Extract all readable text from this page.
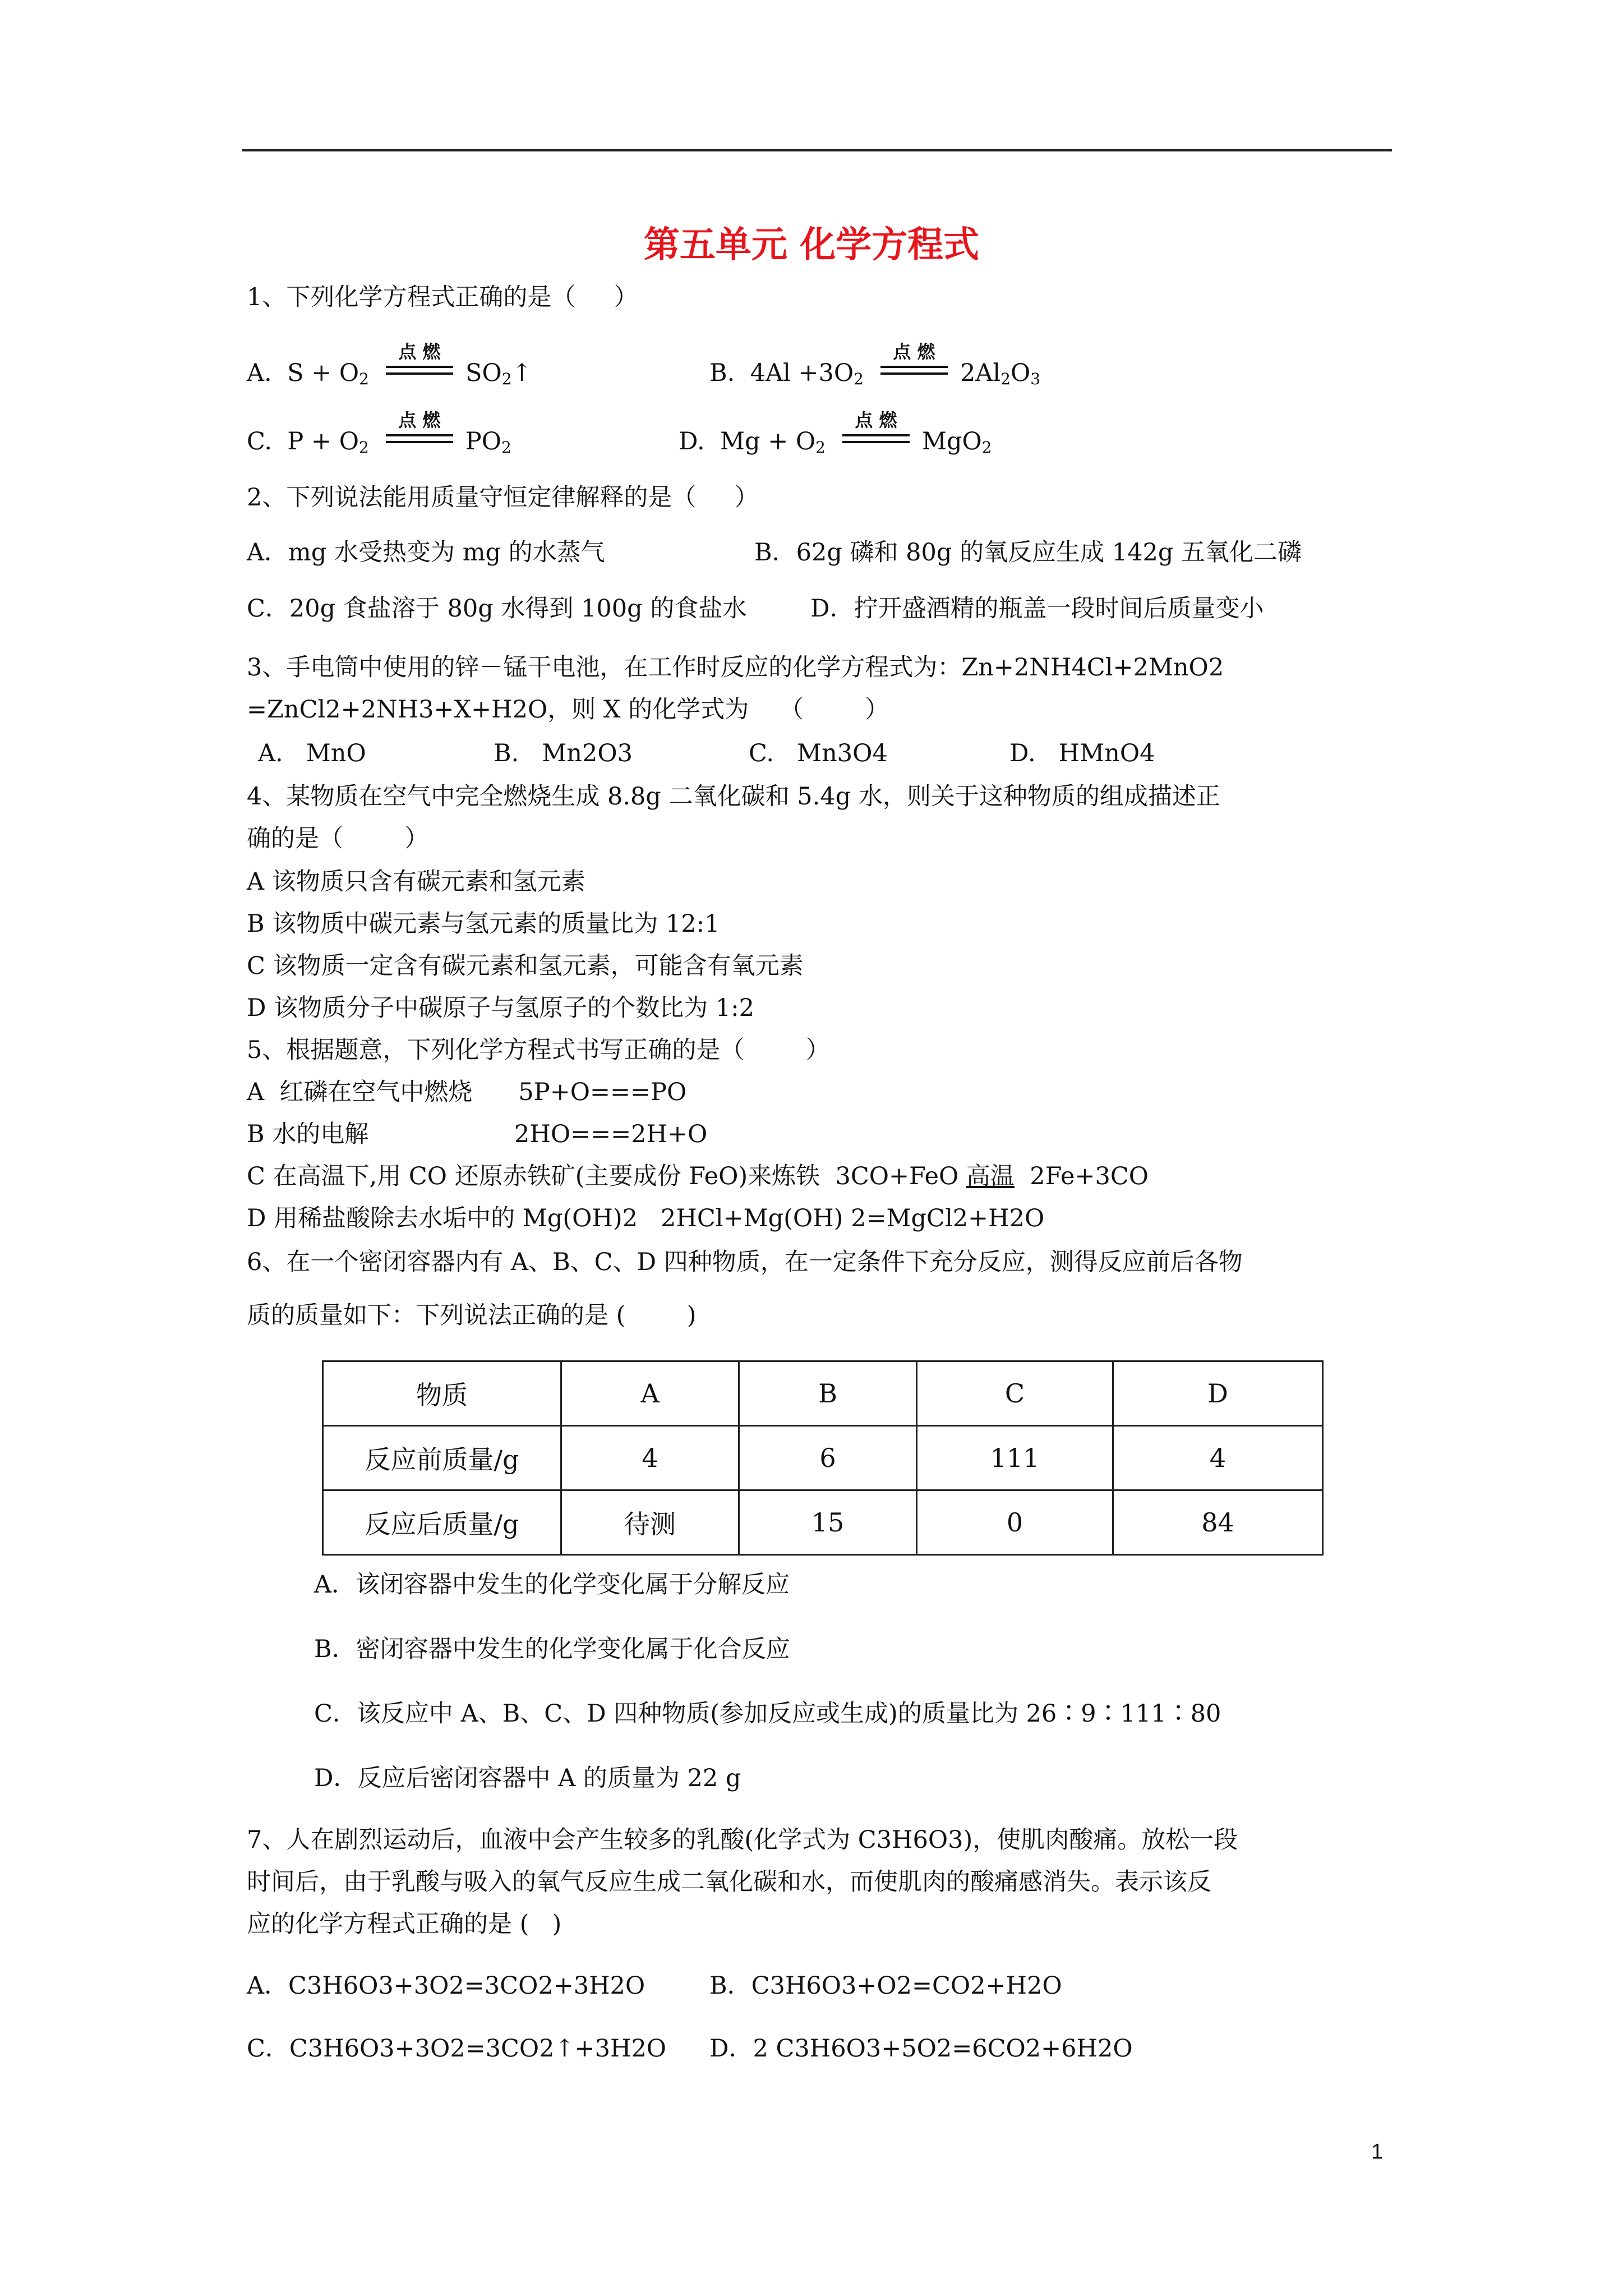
第五单元 化学方程式
1、下列化学方程式正确的是（     ）
A. $S + O_2$
点 燃
$SO_2↑$	B. $4Al +3O_2$
点 燃
$2Al_2O_3$
C. $P + O_2$
点 燃
$PO_2$	D. $Mg + O_2$
点 燃
MgO$_2$
2、下列说法能用质量守恒定律解释的是（     ）
A．mg 水受热变为 mg 的水蒸气	B．62g 磷和 80g 的氧反应生成 142g 五氧化二磷
C．20g 食盐溶于 80g 水得到 100g 的食盐水	D．拧开盛酒精的瓶盖一段时间后质量变小
3、手电筒中使用的锌－锰干电池，在工作时反应的化学方程式为：Zn+2NH4Cl+2MnO2
=ZnCl2+2NH3+X+H2O，则 X 的化学式为    （        ）
A.   MnO	B.   Mn2O3	C.   Mn3O4	D.   HMnO4
4、某物质在空气中完全燃烧生成 8.8g 二氧化碳和 5.4g 水，则关于这种物质的组成描述正
确的是（        ）
A 该物质只含有碳元素和氢元素
B 该物质中碳元素与氢元素的质量比为 12:1
C 该物质一定含有碳元素和氢元素，可能含有氧元素
D 该物质分子中碳原子与氢原子的个数比为 1:2
5、根据题意，下列化学方程式书写正确的是（        ）
A  红磷在空气中燃烧      5P+O===PO
B 水的电解                   2HO===2H+O
C 在高温下,用 CO 还原赤铁矿(主要成份 FeO)来炼铁  3CO+FeO 高温  2Fe+3CO
D 用稀盐酸除去水垢中的 Mg(OH)2   2HCl+Mg(OH) 2=MgCl2+H2O
6、在一个密闭容器内有 A、B、C、D 四种物质，在一定条件下充分反应，测得反应前后各物
质的质量如下：下列说法正确的是 (        )
物质	A	B	C	D
反应前质量/g	4	6	111	4
反应后质量/g	待测	15	0	84
A．该闭容器中发生的化学变化属于分解反应
B．密闭容器中发生的化学变化属于化合反应
C．该反应中 A、B、C、D 四种物质(参加反应或生成)的质量比为 26∶9∶111∶80
D．反应后密闭容器中 A 的质量为 22 g
7、人在剧烈运动后，血液中会产生较多的乳酸(化学式为 C3H6O3)，使肌肉酸痛。放松一段
时间后，由于乳酸与吸入的氧气反应生成二氧化碳和水，而使肌肉的酸痛感消失。表示该反
应的化学方程式正确的是 (   )
A．C3H6O3+3O2=3CO2+3H2O	B．C3H6O3+O2=CO2+H2O
C．C3H6O3+3O2=3CO2↑+3H2O D．2 C3H6O3+5O2=6CO2+6H2O
1
